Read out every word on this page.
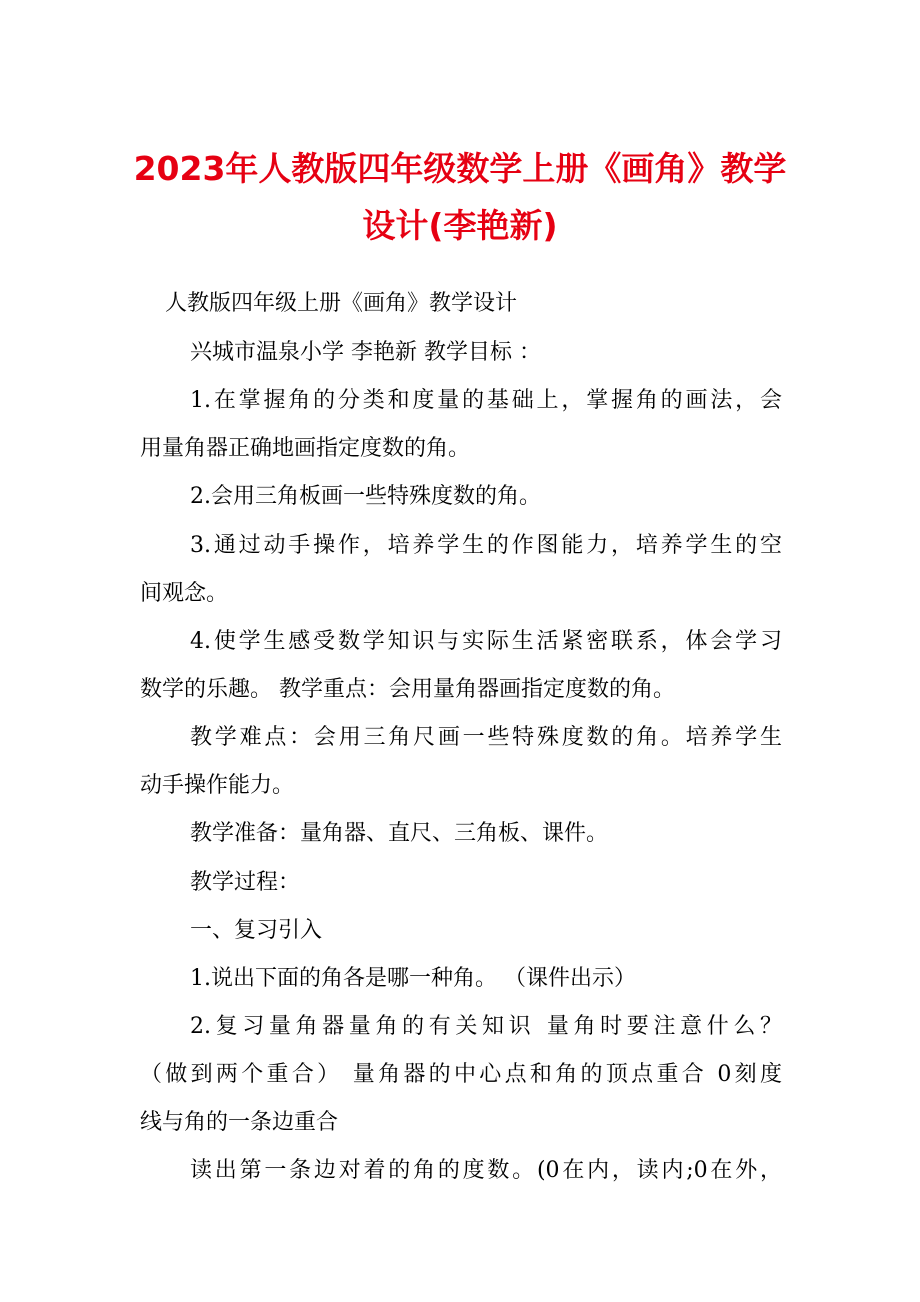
2023年人教版四年级数学上册《画角》教学
设计(李艳新)

人教版四年级上册《画角》教学设计

兴城市温泉小学 李艳新 教学目标 ：

1.在掌握角的分类和度量的基础上，掌握角的画法，会

用量角器正确地画指定度数的角。

2.会用三角板画一些特殊度数的角。

3.通过动手操作，培养学生的作图能力，培养学生的空

间观念。

4.使学生感受数学知识与实际生活紧密联系，体会学习

数学的乐趣。 教学重点：会用量角器画指定度数的角。

教学难点：会用三角尺画一些特殊度数的角。培养学生

动手操作能力。

教学准备：量角器、直尺、三角板、课件。

教学过程：

一、复习引入

1.说出下面的角各是哪一种角。 （课件出示）

2.复习量角器量角的有关知识 量角时要注意什么？

（做到两个重合） 量角器的中心点和角的顶点重合 0刻度

线与角的一条边重合

读出第一条边对着的角的度数。(0在内，读内;0在外，
